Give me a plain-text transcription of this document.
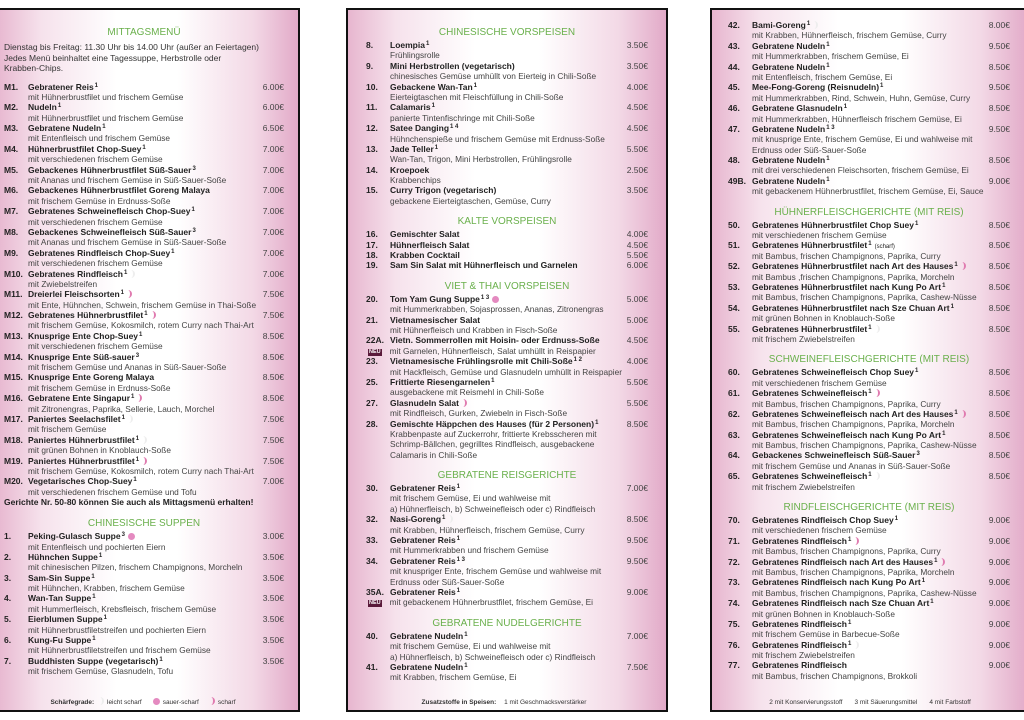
MITTAGSMENÜ
Dienstag bis Freitag: 11.30 Uhr bis 14.00 Uhr (außer an Feiertagen)
Jedes Menü beinhaltet eine Tagessuppe, Herbstrolle oder
Krabben-Chips.
M1.	Gebratener Reis$^1$	6.00€
mit Hühnerbrustfilet und frischem Gemüse
M2.	Nudeln$^1$	6.00€
mit Hühnerbrustfilet und frischem Gemüse
M3.	Gebratene Nudeln$^1$	6.50€
mit Entenfleisch und frischem Gemüse
M4.	Hühnerbrustfilet Chop-Suey$^1$	7.00€
mit verschiedenen frischem Gemüse
M5.	Gebackenes Hühnerbrustfilet Süß-Sauer$^3$	7.00€
mit Ananas und frischem Gemüse in Süß-Sauer-Soße
M6.	Gebackenes Hühnerbrustfilet Goreng Malaya	7.00€
mit frischem Gemüse in Erdnuss-Soße
M7.	Gebratenes Schweinefleisch Chop-Suey$^1$	7.00€
mit verschiedenen frischem Gemüse
M8.	Gebackenes Schweinefleisch Süß-Sauer$^3$	7.00€
mit Ananas und frischem Gemüse in Süß-Sauer-Soße
M9.	Gebratenes Rindfleisch Chop-Suey$^1$	7.00€
mit verschiedenen frischem Gemüse
M10. Gebratenes Rindfleisch$^1$	7.00€
mit Zwiebelstreifen
M11. Dreierlei Fleischsorten$^1$	7.50€
mit Ente, Hühnchen, Schwein, frischem Gemüse in Thai-Soße
M12. Gebratenes Hühnerbrustfilet$^1$	7.50€
mit frischem Gemüse, Kokosmilch, rotem Curry nach Thai-Art
M13. Knusprige Ente Chop-Suey$^1$	8.50€
mit verschiedenen frischem Gemüse
M14. Knusprige Ente Süß-sauer$^3$	8.50€
mit frischem Gemüse und Ananas in Süß-Sauer-Soße
M15. Knusprige Ente Goreng Malaya	8.50€
mit frischem Gemüse in Erdnuss-Soße
M16. Gebratene Ente Singapur$^1$	8.50€
mit Zitronengras, Paprika, Sellerie, Lauch, Morchel
M17. Paniertes Seelachsfilet$^1$	7.50€
mit frischem Gemüse
M18. Paniertes Hühnerbrustfilet$^1$	7.50€
mit grünen Bohnen in Knoblauch-Soße
M19. Paniertes Hühnerbrustfilet$^1$	7.50€
mit frischem Gemüse, Kokosmilch, rotem Curry nach Thai-Art
M20. Vegetarisches Chop-Suey$^1$	7.00€
mit verschiedenen frischem Gemüse und Tofu
Gerichte Nr. 50-80 können Sie auch als Mittagsmenü erhalten!
CHINESISCHE SUPPEN
1.	Peking-Gulasch Suppe$^3$	3.00€
mit Entenfleisch und pochierten Eiern
2.	Hühnchen Suppe$^1$	3.50€
mit chinesischen Pilzen, frischem Champignons, Morcheln
3.	Sam-Sin Suppe$^1$	3.50€
mit Hühnchen, Krabben, frischem Gemüse
4.	Wan-Tan Suppe$^1$	3.50€
mit Hummerfleisch, Krebsfleisch, frischem Gemüse
5.	Eierblumen Suppe$^1$	3.50€
mit Hühnerbrustfiletstreifen und pochierten Eiern
6.	Kung-Fu Suppe$^1$	3.50€
mit Hühnerbrustfiletstreifen und frischem Gemüse
7.	Buddhisten Suppe (vegetarisch)$^1$	3.50€
mit frischem Gemüse, Glasnudeln, Tofu
Schärfegrade: leicht scharf	sauer-scharf	scharf
CHINESISCHE VORSPEISEN
8.	Loempia$^1$	3.50€
Frühlingsrolle
9.	Mini Herbstrollen (vegetarisch)	3.50€
chinesisches Gemüse umhüllt von Eierteig in Chili-Soße
10.	Gebackene Wan-Tan$^1$	4.00€
Eierteigtaschen mit Fleischfüllung in Chili-Soße
11.	Calamaris$^1$	4.50€
panierte Tintenfischringe mit Chili-Soße
12.	Satee Danging$^{1 4}$	4.50€
Hühnchenspieße und frischem Gemüse mit Erdnuss-Soße
13.	Jade Teller$^1$	5.50€
Wan-Tan, Trigon, Mini Herbstrollen, Frühlingsrolle
14.	Kroepoek	2.50€
Krabbenchips
15.	Curry Trigon (vegetarisch)	3.50€
gebackene Eierteigtaschen, Gemüse, Curry
KALTE VORSPEISEN
16.	Gemischter Salat	4.00€
17.	Hühnerfleisch Salat	4.50€
18.	Krabben Cocktail	5.50€
19.	Sam Sin Salat mit Hühnerfleisch und Garnelen	6.00€
VIET & THAI VORSPEISEN
20.	Tom Yam Gung Suppe$^{1 3}$	5.00€
mit Hummerkrabben, Sojasprossen, Ananas, Zitronengras
21.	Vietnamesischer Salat	5.00€
mit Hühnerfleisch und Krabben in Fisch-Soße
22A. Vietn. Sommerrollen mit Hoisin- oder Erdnuss-Soße	4.50€
NEU mit Garnelen, Hühnerfleisch, Salat umhüllt in Reispapier
23.	Vietnamesische Frühlingsrolle mit Chili-Soße$^{1 2}$	4.00€
mit Hackfleisch, Gemüse und Glasnudeln umhüllt in Reispapier
25.	Frittierte Riesengarnelen$^1$	5.50€
ausgebackene mit Reismehl in Chili-Soße
27.	Glasnudeln Salat	5.50€
mit Rindfleisch, Gurken, Zwiebeln in Fisch-Soße
28.	Gemischte Häppchen des Hauses (für 2 Personen)$^1$	8.50€
Krabbenpaste auf Zuckerrohr, frittierte Krebsscheren mit
Schrimp-Bällchen, gegrilltes Rindfleisch, ausgebackene
Calamaris in Chili-Soße
GEBRATENE REISGERICHTE
30.	Gebratener Reis$^1$	7.00€
mit frischem Gemüse, Ei und wahlweise mit
a) Hühnerfleisch, b) Schweinefleisch oder c) Rindfleisch
32.	Nasi-Goreng$^1$	8.50€
mit Krabben, Hühnerfleisch, frischem Gemüse, Curry
33.	Gebratener Reis$^1$	9.50€
mit Hummerkrabben und frischem Gemüse
34.	Gebratener Reis$^{1 3}$	9.50€
mit knuspriger Ente, frischem Gemüse und wahlweise mit
Erdnuss oder Süß-Sauer-Soße
35A. Gebratener Reis$^1$	9.00€
NEU mit gebackenem Hühnerbrustfilet, frischem Gemüse, Ei
GEBRATENE NUDELGERICHTE
40.	Gebratene Nudeln$^1$	7.00€
mit frischem Gemüse, Ei und wahlweise mit
a) Hühnerfleisch, b) Schweinefleisch oder c) Rindfleisch
41.	Gebratene Nudeln$^1$	7.50€
mit Krabben, frischem Gemüse, Ei
Zusatzstoffe in Speisen: 1 mit Geschmacksverstärker
42.	Bami-Goreng$^1$	8.00€
mit Krabben, Hühnerfleisch, frischem Gemüse, Curry
43.	Gebratene Nudeln$^1$	9.50€
mit Hummerkrabben, frischem Gemüse, Ei
44.	Gebratene Nudeln$^1$	8.50€
mit Entenfleisch, frischem Gemüse, Ei
45.	Mee-Fong-Goreng (Reisnudeln)$^1$	9.50€
mit Hummerkrabben, Rind, Schwein, Huhn, Gemüse, Curry
46.	Gebratene Glasnudeln$^1$	8.50€
mit Hummerkrabben, Hühnerfleisch frischem Gemüse, Ei
47.	Gebratene Nudeln$^{1 3}$	9.50€
mit knusprige Ente, frischem Gemüse, Ei und wahlweise mit
Erdnuss oder Süß-Sauer-Soße
48.	Gebratene Nudeln$^1$	8.50€
mit drei verschiedenen Fleischsorten, frischem Gemüse, Ei
49B. Gebratene Nudeln$^1$	9.00€
mit gebackenem Hühnerbrustfilet, frischem Gemüse, Ei, Sauce
HÜHNERFLEISCHGERICHTE (MIT REIS)
50.	Gebratenes Hühnerbrustfilet Chop Suey$^1$	8.50€
mit verschiedenen frischem Gemüse
51.	Gebratenes Hühnerbrustfilet$^1$ (scharf)	8.50€
mit Bambus, frischen Champignons, Paprika, Curry
52.	Gebratenes Hühnerbrustfilet nach Art des Hauses$^1$	8.50€
mit Bambus ,frischen Champignons, Paprika, Morcheln
53.	Gebratenes Hühnerbrustfilet nach Kung Po Art$^1$	8.50€
mit Bambus, frischen Champignons, Paprika, Cashew-Nüsse
54.	Gebratenes Hühnerbrustfilet nach Sze Chuan Art$^1$	8.50€
mit grünen Bohnen in Knoblauch-Soße
55.	Gebratenes Hühnerbrustfilet$^1$	8.50€
mit frischem Zwiebelstreifen
SCHWEINEFLEISCHGERICHTE (MIT REIS)
60.	Gebratenes Schweinefleisch Chop Suey$^1$	8.50€
mit verschiedenen frischem Gemüse
61.	Gebratenes Schweinefleisch$^1$	8.50€
mit Bambus, frischen Champignons, Paprika, Curry
62.	Gebratenes Schweinefleisch nach Art des Hauses$^1$	8.50€
mit Bambus, frischen Champignons, Paprika, Morcheln
63.	Gebratenes Schweinefleisch nach Kung Po Art$^1$	8.50€
mit Bambus, frischen Champignons, Paprika, Cashew-Nüsse
64.	Gebackenes Schweinefleisch Süß-Sauer$^3$	8.50€
mit frischem Gemüse und Ananas in Süß-Sauer-Soße
65.	Gebratenes Schweinefleisch$^1$	8.50€
mit frischem Zwiebelstreifen
RINDFLEISCHGERICHTE (MIT REIS)
70.	Gebratenes Rindfleisch Chop Suey$^1$	9.00€
mit verschiedenen frischem Gemüse
71.	Gebratenes Rindfleisch$^1$	9.00€
mit Bambus, frischen Champignons, Paprika, Curry
72.	Gebratenes Rindfleisch nach Art des Hauses$^1$	9.00€
mit Bambus, frischen Champignons, Paprika, Morcheln
73.	Gebratenes Rindfleisch nach Kung Po Art$^1$	9.00€
mit Bambus, frischen Champignons, Paprika, Cashew-Nüsse
74.	Gebratenes Rindfleisch nach Sze Chuan Art$^1$	9.00€
mit grünen Bohnen in Knoblauch-Soße
75.	Gebratenes Rindfleisch$^1$	9.00€
mit frischem Gemüse in Barbecue-Soße
76.	Gebratenes Rindfleisch$^1$	9.00€
mit frischem Zwiebelstreifen
77.	Gebratenes Rindfleisch	9.00€
mit Bambus, frischen Champignons, Brokkoli
2 mit Konservierungsstoff 3 mit Säuerungsmittel 4 mit Farbstoff
